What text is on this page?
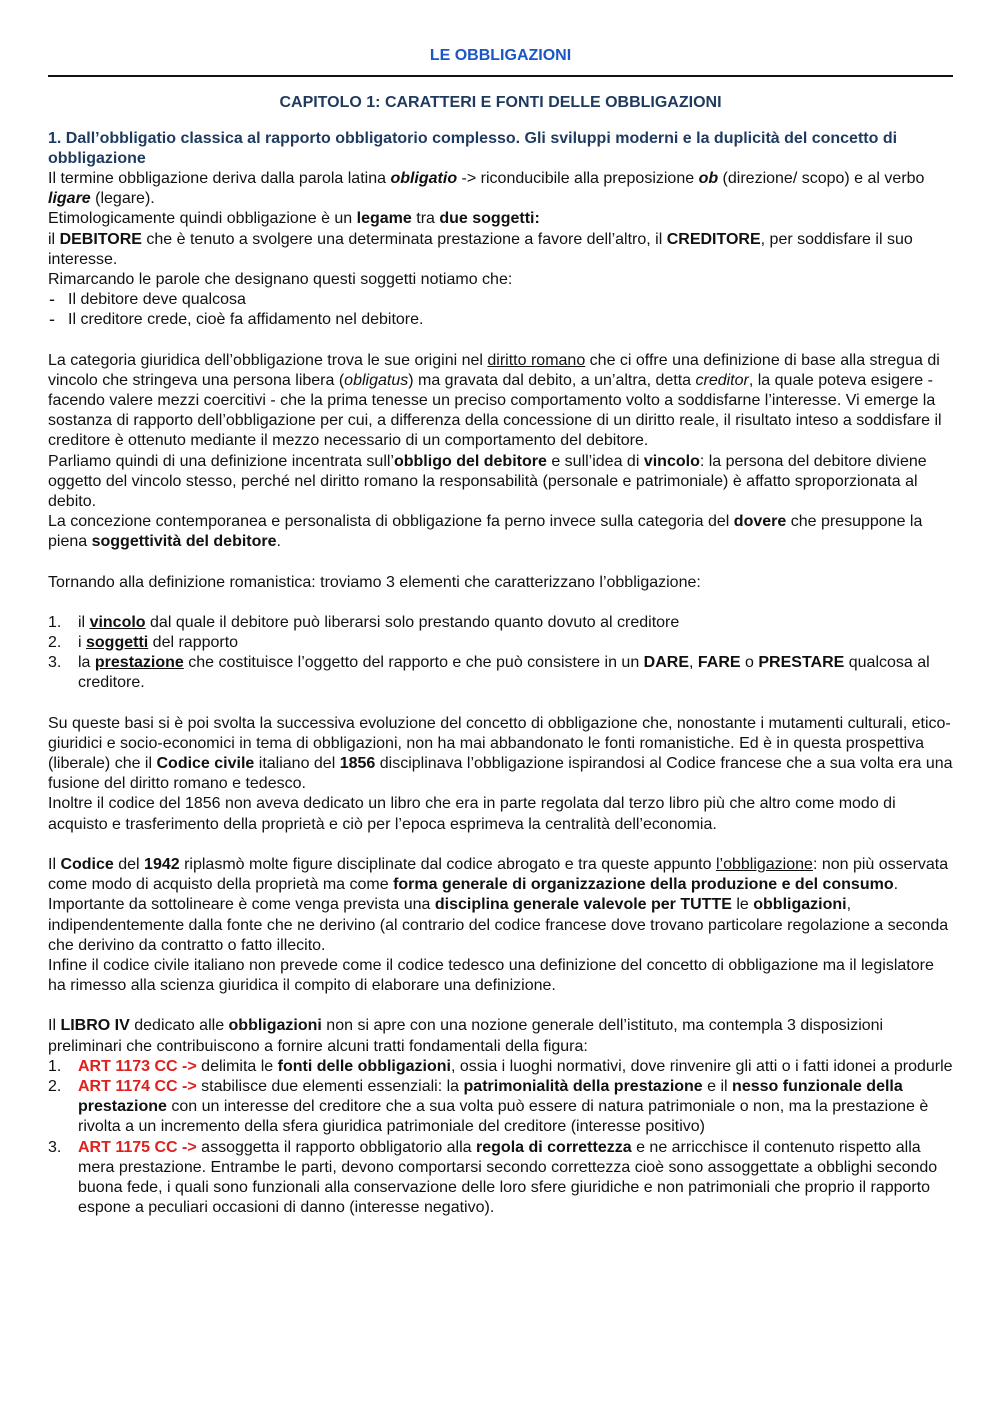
LE OBBLIGAZIONI
CAPITOLO 1: CARATTERI E FONTI DELLE OBBLIGAZIONI
1. Dall’obbligatio classica al rapporto obbligatorio complesso. Gli sviluppi moderni e la duplicità del concetto di obbligazione

Il termine obbligazione deriva dalla parola latina obligatio -> riconducibile alla preposizione ob (direzione/ scopo) e al verbo ligare (legare).

Etimologicamente quindi obbligazione è un legame tra due soggetti:

il DEBITORE che è tenuto a svolgere una determinata prestazione a favore dell’altro, il CREDITORE, per soddisfare il suo interesse.

Rimarcando le parole che designano questi soggetti notiamo che:

- Il debitore deve qualcosa
- Il creditore crede, cioè fa affidamento nel debitore.

La categoria giuridica dell’obbligazione trova le sue origini nel diritto romano che ci offre una definizione di base alla stregua di vincolo che stringeva una persona libera (obligatus) ma gravata dal debito, a un’altra, detta creditor, la quale poteva esigere - facendo valere mezzi coercitivi - che la prima tenesse un preciso comportamento volto a soddisfarne l’interesse. Vi emerge la sostanza di rapporto dell’obbligazione per cui, a differenza della concessione di un diritto reale, il risultato inteso a soddisfare il creditore è ottenuto mediante il mezzo necessario di un comportamento del debitore.

Parliamo quindi di una definizione incentrata sull’obbligo del debitore e sull’idea di vincolo: la persona del debitore diviene oggetto del vincolo stesso, perché nel diritto romano la responsabilità (personale e patrimoniale) è affatto sproporzionata al debito.

La concezione contemporanea e personalista di obbligazione fa perno invece sulla categoria del dovere che presuppone la piena soggettività del debitore.

Tornando alla definizione romanistica: troviamo 3 elementi che caratterizzano l’obbligazione:

1. il vincolo dal quale il debitore può liberarsi solo prestando quanto dovuto al creditore
2. i soggetti del rapporto
3. la prestazione che costituisce l’oggetto del rapporto e che può consistere in un DARE, FARE o PRESTARE qualcosa al creditore.

Su queste basi si è poi svolta la successiva evoluzione del concetto di obbligazione che, nonostante i mutamenti culturali, etico-giuridici e socio-economici in tema di obbligazioni, non ha mai abbandonato le fonti romanistiche. Ed è in questa prospettiva (liberale) che il Codice civile italiano del 1856 disciplinava l’obbligazione ispirandosi al Codice francese che a sua volta era una fusione del diritto romano e tedesco.

Inoltre il codice del 1856 non aveva dedicato un libro che era in parte regolata dal terzo libro più che altro come modo di acquisto e trasferimento della proprietà e ciò per l’epoca esprimeva la centralità dell’economia.

Il Codice del 1942 riplasmò molte figure disciplinate dal codice abrogato e tra queste appunto l’obbligazione: non più osservata come modo di acquisto della proprietà ma come forma generale di organizzazione della produzione e del consumo.

Importante da sottolineare è come venga prevista una disciplina generale valevole per TUTTE le obbligazioni, indipendentemente dalla fonte che ne derivino (al contrario del codice francese dove trovano particolare regolazione a seconda che derivino da contratto o fatto illecito.

Infine il codice civile italiano non prevede come il codice tedesco una definizione del concetto di obbligazione ma il legislatore ha rimesso alla scienza giuridica il compito di elaborare una definizione.

Il LIBRO IV dedicato alle obbligazioni non si apre con una nozione generale dell’istituto, ma contempla 3 disposizioni preliminari che contribuiscono a fornire alcuni tratti fondamentali della figura:

1. ART 1173 CC -> delimita le fonti delle obbligazioni, ossia i luoghi normativi, dove rinvenire gli atti o i fatti idonei a produrle
2. ART 1174 CC -> stabilisce due elementi essenziali: la patrimonialità della prestazione e il nesso funzionale della prestazione con un interesse del creditore che a sua volta può essere di natura patrimoniale o non, ma la prestazione è rivolta a un incremento della sfera giuridica patrimoniale del creditore (interesse positivo)
3. ART 1175 CC -> assoggetta il rapporto obbligatorio alla regola di correttezza e ne arricchisce il contenuto rispetto alla mera prestazione. Entrambe le parti, devono comportarsi secondo correttezza cioè sono assoggettate a obblighi secondo buona fede, i quali sono funzionali alla conservazione delle loro sfere giuridiche e non patrimoniali che proprio il rapporto espone a peculiari occasioni di danno (interesse negativo).
